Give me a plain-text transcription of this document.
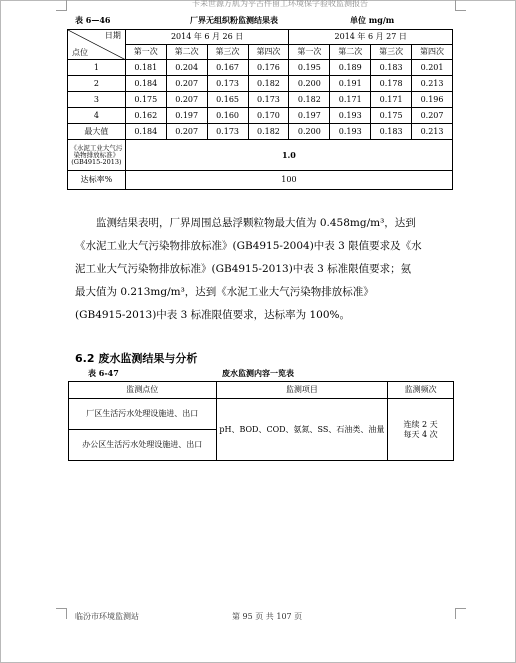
卡耒世源方肌为乎古件留工环境保字验收监测报告
表 6—46	厂界无组织粉监测结果表	单位 mg/m
日期
点位	2014 年 6 月 26 日				2014 年 6 月 27 日			
	第一次	第二次	第三次	第四次	第一次	第二次	第三次	第四次
1	0.181	0.204	0.167	0.176	0.195	0.189	0.183	0.201
2	0.184	0.207	0.173	0.182	0.200	0.191	0.178	0.213
3	0.175	0.207	0.165	0.173	0.182	0.171	0.171	0.196
4	0.162	0.197	0.160	0.170	0.197	0.193	0.175	0.207
最大值	0.184	0.207	0.173	0.182	0.200	0.193	0.183	0.213
《水泥工业大气污染物排放标准》(GB4915-2013)	1.0							
达标率%	100							
监测结果表明，厂界周围总悬浮颗粒物最大值为 0.458mg/m³，达到
《水泥工业大气污染物排放标准》(GB4915-2004)中表 3 限值要求及《水
泥工业大气污染物排放标准》(GB4915-2013)中表 3 标准限值要求；氨
最大值为 0.213mg/m³，达到《水泥工业大气污染物排放标准》
(GB4915-2013)中表 3 标准限值要求，达标率为 100%。
6.2 废水监测结果与分析
表 6-47	废水监测内容一览表
监测点位	监测项目	监测频次
厂区生活污水处理设施进、出口	pH、BOD、COD、氨氮、SS、石油类、油量	连续 2 天
每天 4 次

办公区生活污水处理设施进、出口		
临汾市环境监测站	第 95 页 共 107 页
